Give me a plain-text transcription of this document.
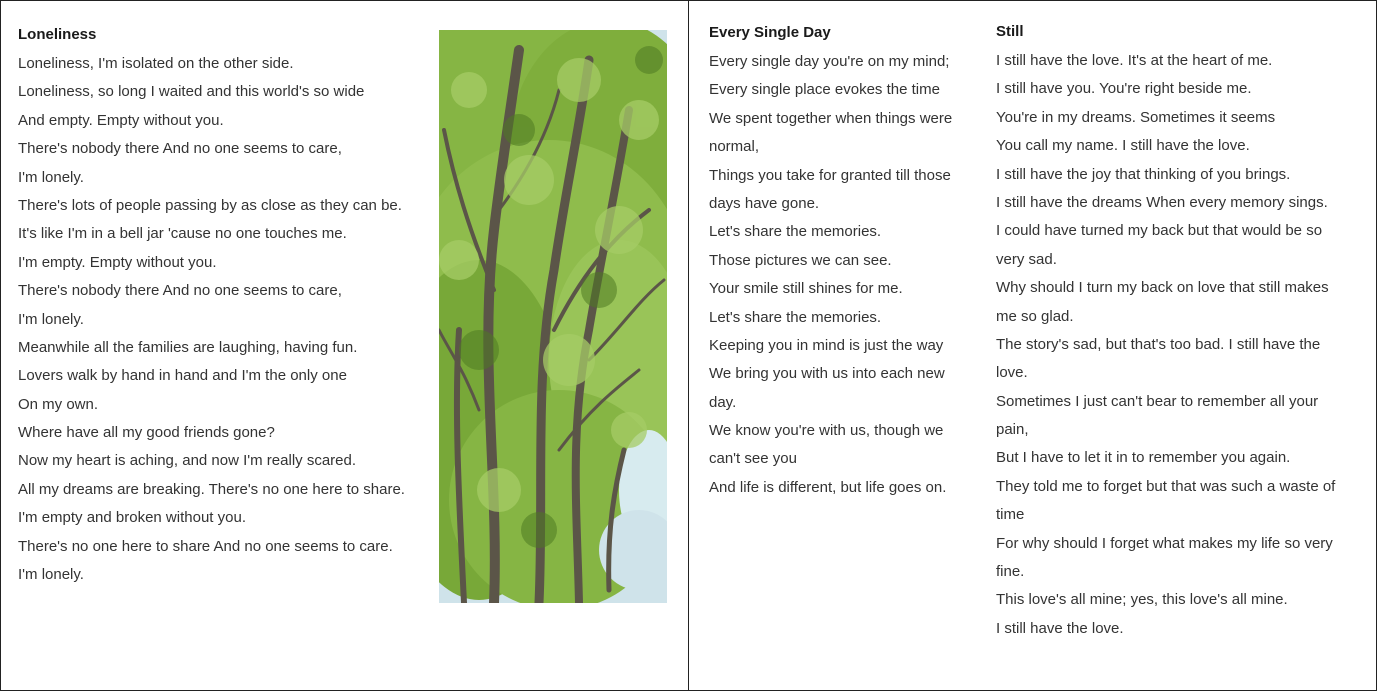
Loneliness
Loneliness, I'm isolated on the other side.
Loneliness, so long I waited and this world's so wide
And empty. Empty without you.
There's nobody there And no one seems to care,
I'm lonely.
There's lots of people passing by as close as they can be.
It's like I'm in a bell jar 'cause no one touches me.
I'm empty. Empty without you.
There's nobody there And no one seems to care,
I'm lonely.
Meanwhile all the families are laughing, having fun.
Lovers walk by hand in hand and I'm the only one
On my own.
Where have all my good friends gone?
Now my heart is aching, and now I'm really scared.
All my dreams are breaking. There's no one here to share.
I'm empty and broken without you.
There's no one here to share And no one seems to care.
I'm lonely.
Every Single Day
Every single day you're on my mind;
Every single place evokes the time
We spent together when things were
normal,
Things you take for granted till those
days have gone.
Let's share the memories.
Those pictures we can see.
Your smile still shines for me.
Let's share the memories.
Keeping you in mind is just the way
We bring you with us into each new
day.
We know you're with us, though we
can't see you
And life is different, but life goes on.
Still
I still have the love. It's at the heart of me.
I still have you. You're right beside me.
You're in my dreams. Sometimes it seems
You call my name. I still have the love.
I still have the joy that thinking of you brings.
I still have the dreams When every memory sings.
I could have turned my back but that would be so
very sad.
Why should I turn my back on love that still makes
me so glad.
The story's sad, but that's too bad. I still have the
love.
Sometimes I just can't bear to remember all your
pain,
But I have to let it in to remember you again.
They told me to forget but that was such a waste of
time
For why should I forget what makes my life so very
fine.
This love's all mine; yes, this love's all mine.
I still have the love.
